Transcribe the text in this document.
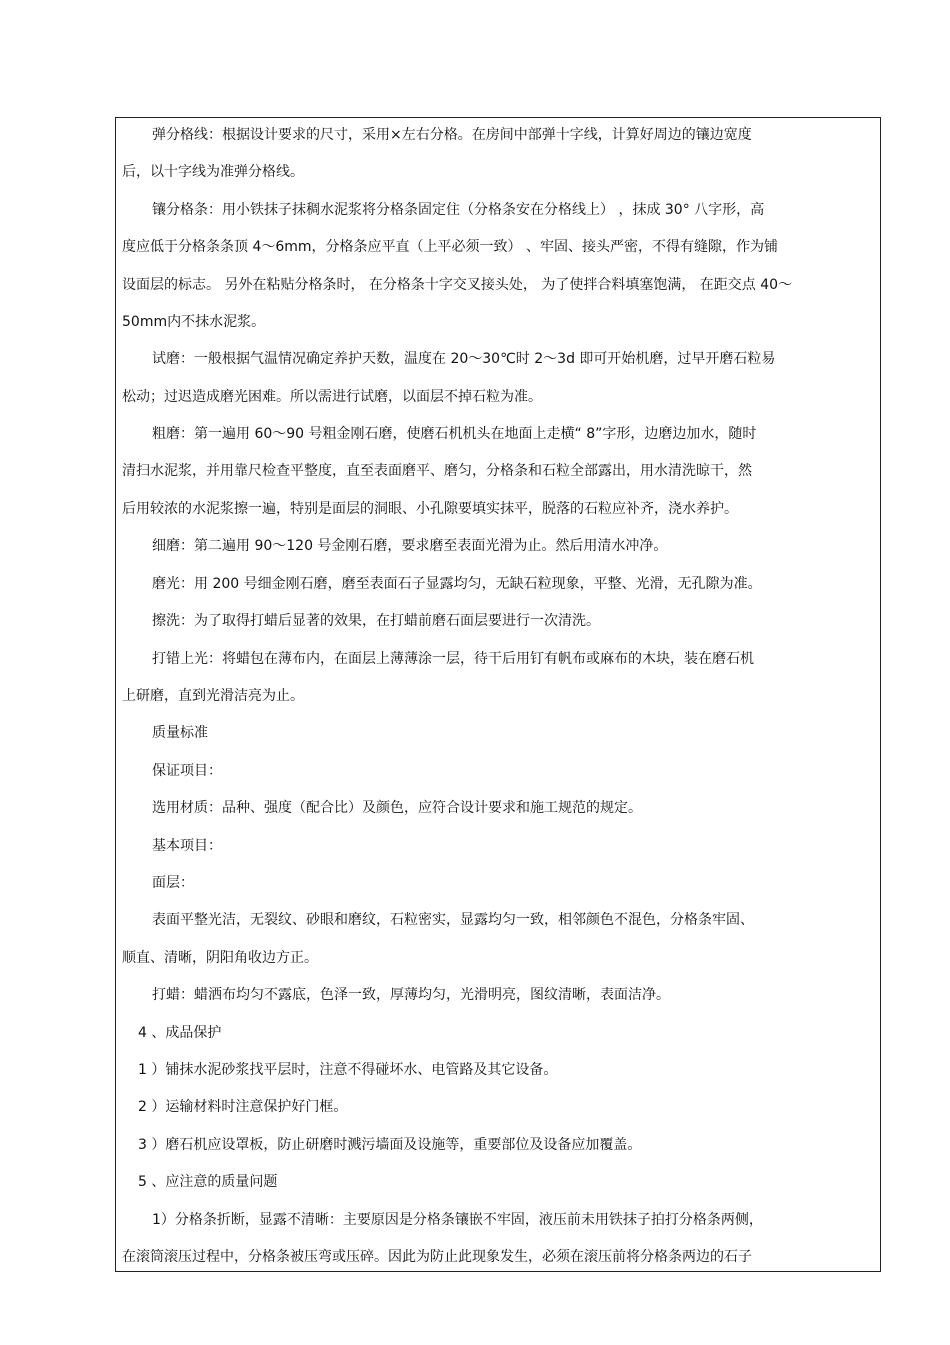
弹分格线：根据设计要求的尺寸，采用×左右分格。在房间中部弹十字线，计算好周边的镶边宽度
后，以十字线为准弹分格线。
镶分格条：用小铁抹子抹稠水泥浆将分格条固定住（分格条安在分格线上） ，抹成 30° 八字形，高
度应低于分格条条顶 4～6mm，分格条应平直（上平必须一致） 、牢固、接头严密，不得有缝隙，作为铺
设面层的标志。 另外在粘贴分格条时， 在分格条十字交叉接头处， 为了使拌合料填塞饱满， 在距交点 40～
50mm内不抹水泥浆。
试磨：一般根据气温情况确定养护天数，温度在 20～30℃时 2～3d 即可开始机磨，过早开磨石粒易
松动；过迟造成磨光困难。所以需进行试磨，以面层不掉石粒为准。
粗磨：第一遍用 60～90 号粗金刚石磨，使磨石机机头在地面上走横“ 8”字形，边磨边加水，随时
清扫水泥浆，并用靠尺检查平整度，直至表面磨平、磨匀，分格条和石粒全部露出，用水清洗晾干，然
后用较浓的水泥浆擦一遍，特别是面层的洞眼、小孔隙要填实抹平，脱落的石粒应补齐，浇水养护。
细磨：第二遍用 90～120 号金刚石磨，要求磨至表面光滑为止。然后用清水冲净。
磨光：用 200 号细金刚石磨，磨至表面石子显露均匀，无缺石粒现象，平整、光滑，无孔隙为准。
擦洗：为了取得打蜡后显著的效果，在打蜡前磨石面层要进行一次清洗。
打错上光：将蜡包在薄布内，在面层上薄薄涂一层，待干后用钉有帆布或麻布的木块，装在磨石机
上研磨，直到光滑洁亮为止。
质量标准
保证项目：
选用材质：品种、强度（配合比）及颜色，应符合设计要求和施工规范的规定。
基本项目：
面层：
表面平整光洁，无裂纹、砂眼和磨纹，石粒密实，显露均匀一致，相邻颜色不混色，分格条牢固、
顺直、清晰，阴阳角收边方正。
打蜡：蜡洒布均匀不露底，色泽一致，厚薄均匀，光滑明亮，图纹清晰，表面洁净。
4 、成品保护
1 ）铺抹水泥砂浆找平层时，注意不得碰坏水、电管路及其它设备。
2 ）运输材料时注意保护好门框。
3 ）磨石机应设罩板，防止研磨时溅污墙面及设施等，重要部位及设备应加覆盖。
5 、应注意的质量问题
1）分格条折断，显露不清晰：主要原因是分格条镶嵌不牢固，液压前未用铁抹子拍打分格条两侧，
在滚筒滚压过程中，分格条被压弯或压碎。因此为防止此现象发生，必须在滚压前将分格条两边的石子
